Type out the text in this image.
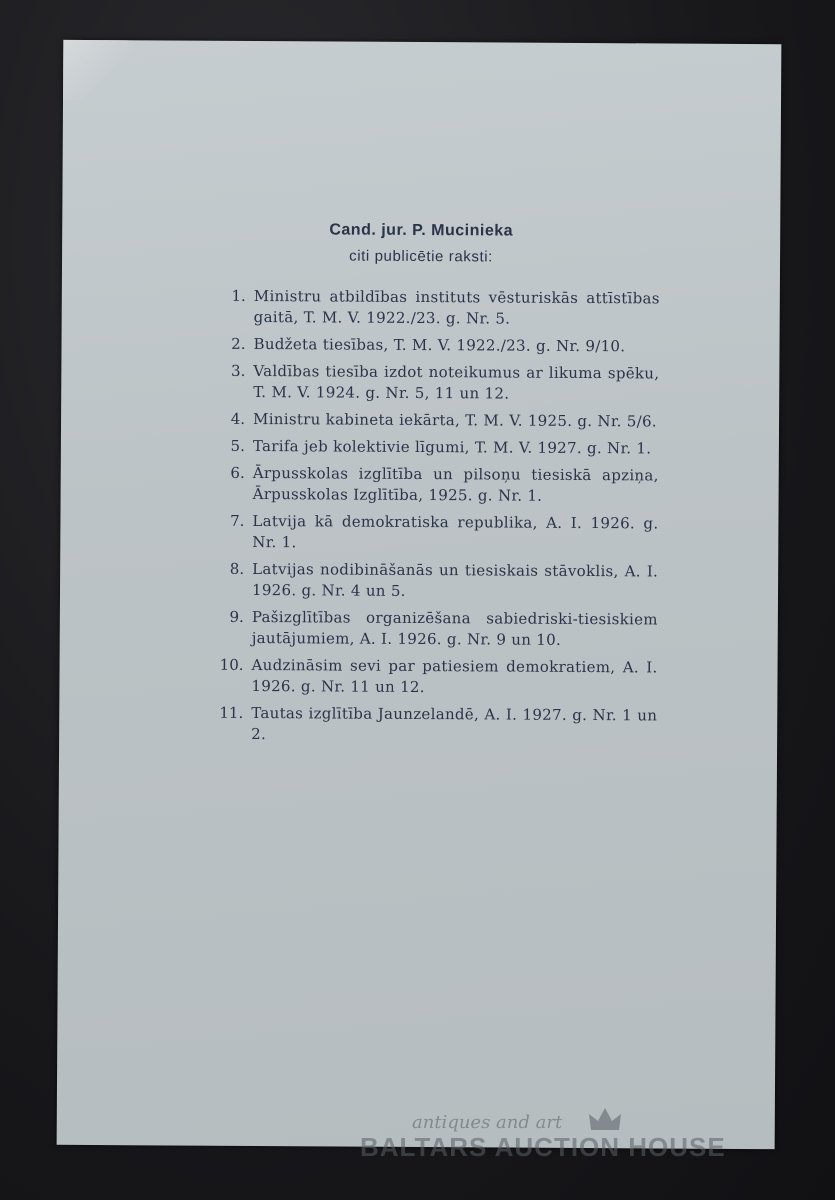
Cand. jur. P. Mucinieka
citi publicētie raksti:
1. Ministru atbildības instituts vēsturiskās attīstības gaitā, T. M. V. 1922./23. g. Nr. 5.
2. Budžeta tiesības, T. M. V. 1922./23. g. Nr. 9/10.
3. Valdības tiesība izdot noteikumus ar likuma spēku, T. M. V. 1924. g. Nr. 5, 11 un 12.
4. Ministru kabineta iekārta, T. M. V. 1925. g. Nr. 5/6.
5. Tarifa jeb kolektivie līgumi, T. M. V. 1927. g. Nr. 1.
6. Ārpusskolas izglītība un pilsoņu tiesiskā apziņa, Ārpusskolas Izglītība, 1925. g. Nr. 1.
7. Latvija kā demokratiska republika, A. I. 1926. g. Nr. 1.
8. Latvijas nodibināšanās un tiesiskais stāvoklis, A. I. 1926. g. Nr. 4 un 5.
9. Pašizglītības organizēšana sabiedriski-tiesiskiem jautājumiem, A. I. 1926. g. Nr. 9 un 10.
10. Audzināsim sevi par patiesiem demokratiem, A. I. 1926. g. Nr. 11 un 12.
11. Tautas izglītība Jaunzelandē, A. I. 1927. g. Nr. 1 un 2.
antiques and art
BALTARS AUCTION HOUSE
